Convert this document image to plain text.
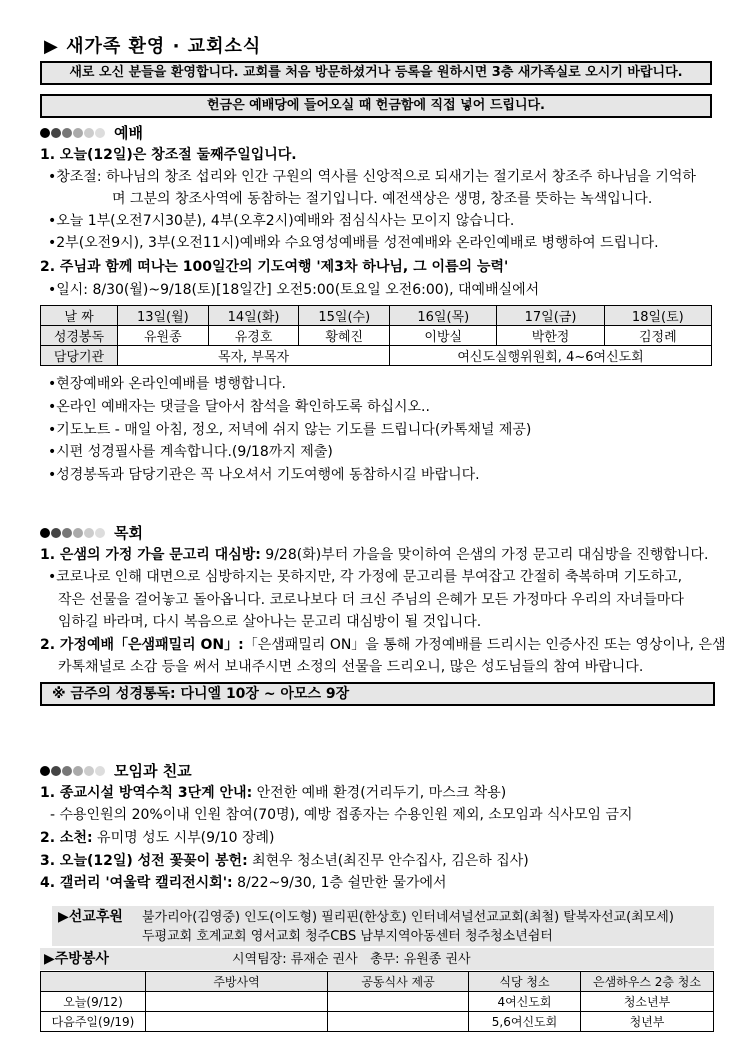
▶ 새가족 환영 · 교회소식
새로 오신 분들을 환영합니다. 교회를 처음 방문하셨거나 등록을 원하시면 3층 새가족실로 오시기 바랍니다.
헌금은 예배당에 들어오실 때 헌금함에 직접 넣어 드립니다.
예배
1. 오늘(12일)은 창조절 둘째주일입니다.
•창조절: 하나님의 창조 섭리와 인간 구원의 역사를 신앙적으로 되새기는 절기로서 창조주 하나님을 기억하
며 그분의 창조사역에 동참하는 절기입니다. 예전색상은 생명, 창조를 뜻하는 녹색입니다.
•오늘 1부(오전7시30분), 4부(오후2시)예배와 점심식사는 모이지 않습니다.
•2부(오전9시), 3부(오전11시)예배와 수요영성예배를 성전예배와 온라인예배로 병행하여 드립니다.
2. 주님과 함께 떠나는 100일간의 기도여행 '제3차 하나님, 그 이름의 능력'
•일시: 8/30(월)~9/18(토)[18일간] 오전5:00(토요일 오전6:00), 대예배실에서
날 짜	13일(월)	14일(화)	15일(수)	16일(목)	17일(금)	18일(토)
성경봉독	유원종	유경호	황혜진	이방실	박한정	김정례
담당기관	목자, 부목자			여신도실행위원회, 4~6여신도회		
•현장예배와 온라인예배를 병행합니다.
•온라인 예배자는 댓글을 달아서 참석을 확인하도록 하십시오..
•기도노트 - 매일 아침, 정오, 저녁에 쉬지 않는 기도를 드립니다(카톡채널 제공)
•시편 성경필사를 계속합니다.(9/18까지 제출)
•성경봉독과 담당기관은 꼭 나오셔서 기도여행에 동참하시길 바랍니다.
목회
1. 은샘의 가정 가을 문고리 대심방: 9/28(화)부터 가을을 맞이하여 은샘의 가정 문고리 대심방을 진행합니다.
•코로나로 인해 대면으로 심방하지는 못하지만, 각 가정에 문고리를 부여잡고 간절히 축복하며 기도하고,
작은 선물을 걸어놓고 돌아옵니다. 코로나보다 더 크신 주님의 은혜가 모든 가정마다 우리의 자녀들마다
임하길 바라며, 다시 복음으로 살아나는 문고리 대심방이 될 것입니다.
2. 가정예배「은샘패밀리 ON」:「은샘패밀리 ON」을 통해 가정예배를 드리시는 인증사진 또는 영상이나, 은샘
카톡채널로 소감 등을 써서 보내주시면 소정의 선물을 드리오니, 많은 성도님들의 참여 바랍니다.
※ 금주의 성경통독: 다니엘 10장 ~ 아모스 9장
모임과 친교
1. 종교시설 방역수칙 3단계 안내: 안전한 예배 환경(거리두기, 마스크 착용)
- 수용인원의 20%이내 인원 참여(70명), 예방 접종자는 수용인원 제외, 소모임과 식사모임 금지
2. 소천: 유미명 성도 시부(9/10 장례)
3. 오늘(12일) 성전 꽃꽂이 봉헌: 최현우 청소년(최진무 안수집사, 김은하 집사)
4. 갤러리 '여울락 캘리전시회': 8/22~9/30, 1층 쉴만한 물가에서
▶선교후원 불가리아(김영중) 인도(이도형) 필리핀(한상호) 인터네셔널선교교회(최철) 탈북자선교(최모세)
두평교회 호계교회 영서교회 청주CBS 남부지역아동센터 청주청소년쉼터
▶주방봉사	시역팀장: 류재순 권사   총무: 유원종 권사
	주방사역	공동식사 제공	식당 청소	은샘하우스 2층 청소
오늘(9/12)			4여신도회	청소년부
다음주일(9/19)			5,6여신도회	청년부
